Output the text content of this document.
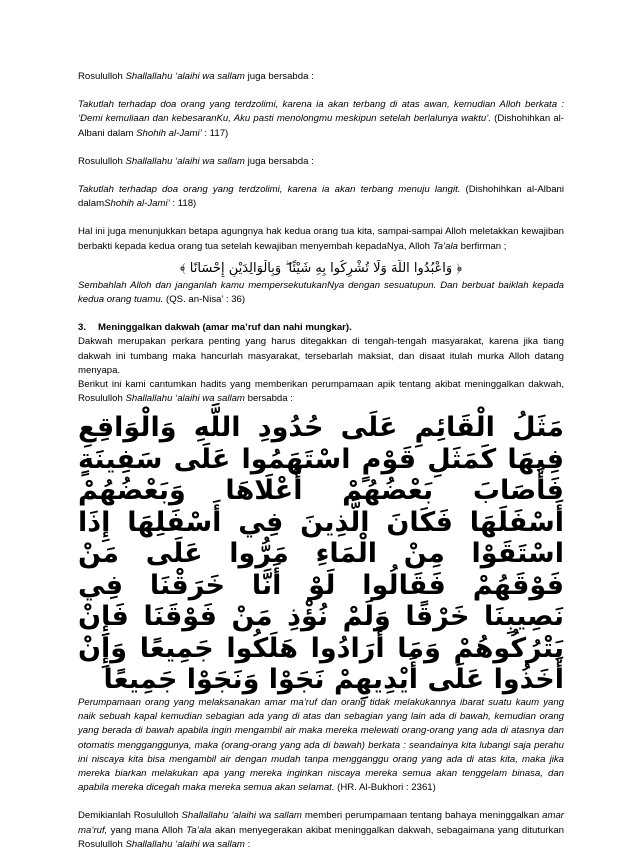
Rosululloh Shallallahu ‘alaihi wa sallam juga bersabda :

Takutlah terhadap doa orang yang terdzolimi, karena ia akan terbang di atas awan, kemudian Alloh berkata : ‘Demi kemuliaan dan kebesaranKu, Aku pasti menolongmu meskipun setelah berlalunya waktu’. (Dishohihkan al-Albani dalam Shohih al-Jami’ : 117)

Rosululloh Shallallahu ‘alaihi wa sallam juga bersabda :

Takutlah terhadap doa orang yang terdzolimi, karena ia akan terbang menuju langit. (Dishohihkan al-Albani dalamShohih al-Jami’ : 118)

Hal ini juga menunjukkan betapa agungnya hak kedua orang tua kita, sampai-sampai Alloh meletakkan kewajiban berbakti kepada kedua orang tua setelah kewajiban menyembah kepadaNya, Alloh Ta’ala berfirman ;

﴿ وَاعْبُدُوا اللَّهَ وَلَا تُشْرِكُوا بِهِ شَيْئًا ۖ وَبِالْوَالِدَيْنِ إِحْسَانًا ﴾

Sembahlah Alloh dan janganlah kamu mempersekutukanNya dengan sesuatupun. Dan berbuat baiklah kepada kedua orang tuamu. (QS. an-Nisa’ : 36)

3. Meninggalkan dakwah (amar ma’ruf dan nahi mungkar).

Dakwah merupakan perkara penting yang harus ditegakkan di tengah-tengah masyarakat, karena jika tiang dakwah ini tumbang maka hancurlah masyarakat, tersebarlah maksiat, dan disaat itulah murka Alloh datang menyapa.

Berikut ini kami cantumkan hadits yang memberikan perumpamaan apik tentang akibat meninggalkan dakwah, Rosululloh Shallallahu ‘alaihi wa sallam bersabda :

مَثَلُ الْقَائِمِ عَلَى حُدُودِ اللَّهِ وَالْوَاقِعِ فِيهَا كَمَثَلِ قَوْمٍ اسْتَهَمُوا عَلَى سَفِينَةٍ فَأَصَابَ بَعْضُهُمْ أَعْلَاهَا وَبَعْضُهُمْ أَسْفَلَهَا فَكَانَ الَّذِينَ فِي أَسْفَلِهَا إِذَا اسْتَقَوْا مِنْ الْمَاءِ مَرُّوا عَلَى مَنْ فَوْقَهُمْ فَقَالُوا لَوْ أَنَّا خَرَقْنَا فِي نَصِيبِنَا خَرْقًا وَلَمْ نُؤْذِ مَنْ فَوْقَنَا فَإِنْ يَتْرُكُوهُمْ وَمَا أَرَادُوا هَلَكُوا جَمِيعًا وَإِنْ أَخَذُوا عَلَى أَيْدِيهِمْ نَجَوْا وَنَجَوْا جَمِيعًا

Perumpamaan orang yang melaksanakan amar ma’ruf dan orang tidak melakukannya ibarat suatu kaum yang naik sebuah kapal kemudian sebagian ada yang di atas dan sebagian yang lain ada di bawah, kemudian orang yang berada di bawah apabila ingin mengambil air maka mereka melewati orang-orang yang ada di atasnya dan otomatis mengganggunya, maka (orang-orang yang ada di bawah) berkata : seandainya kita lubangi saja perahu ini niscaya kita bisa mengambil air dengan mudah tanpa mengganggu orang yang ada di atas kita, maka jika mereka biarkan melakukan apa yang mereka inginkan niscaya mereka semua akan tenggelam binasa, dan apabila mereka dicegah maka mereka semua akan selamat. (HR. Al-Bukhori : 2361)

Demikianlah Rosululloh Shallallahu ‘alaihi wa sallam memberi perumpamaan tentang bahaya meninggalkan amar ma’ruf, yang mana Alloh Ta’ala akan menyegerakan akibat meninggalkan dakwah, sebagaimana yang dituturkan Rosululloh Shallallahu ‘alaihi wa sallam :
